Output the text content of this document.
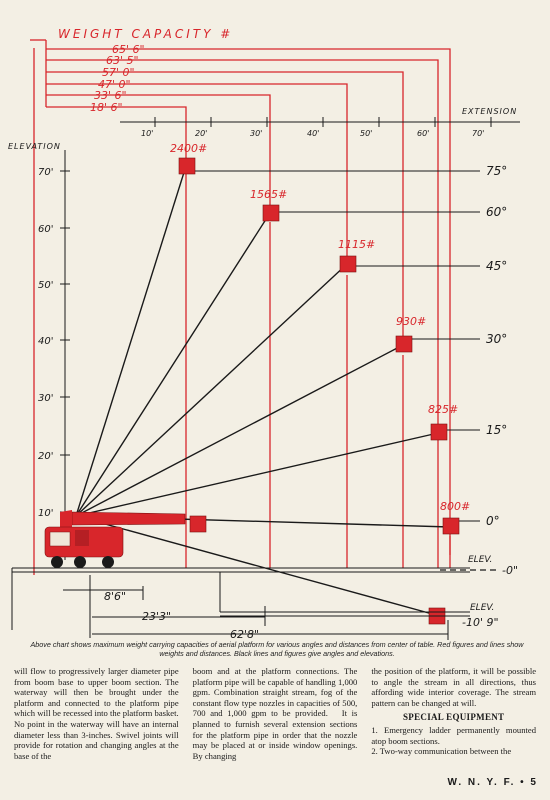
WEIGHT CAPACITY #
65' 6"
63' 5"
57' 0"
47' 0"
33' 6"
18' 6"	EXTENSION
10'	20'	30'	40'	50'	60'	70'
ELEVATION
70'
60'
50'
40'
30'
20'
10'
75°
60°
45°
30°
15°
0°
2400#
1565#
1115#
930#
825#
800#
ELEV.
-0"
ELEV.
-10' 9"
8'6"
23'3"
62'8"
Above chart shows maximum weight carrying capacities of aerial platform for various angles and distances from center of table. Red figures and lines show weights and distances. Black lines and figures give angles and elevations.

will flow to progressively larger diameter pipe from boom base to upper boom section. The waterway will then be brought under the platform and connected to the platform pipe which will be recessed into the platform basket. No point in the waterway will have an internal diameter less than 3-inches. Swivel joints will provide for rotation and changing angles at the base of the

boom and at the platform connections. The platform pipe will be capable of handling 1,000 gpm. Combination straight stream, fog of the constant flow type nozzles in capacities of 500, 700 and 1,000 gpm to be provided.   It is planned to furnish several extension sections for the platform pipe in order that the nozzle may be placed at or inside window openings. By changing

the position of the platform, it will be possible to angle the stream in all directions, thus affording wide interior coverage. The stream pattern can be changed at will.

SPECIAL EQUIPMENT
1. Emergency ladder permanently mounted atop boom sections.
2. Two-way communication between the
W. N. Y. F. • 5
